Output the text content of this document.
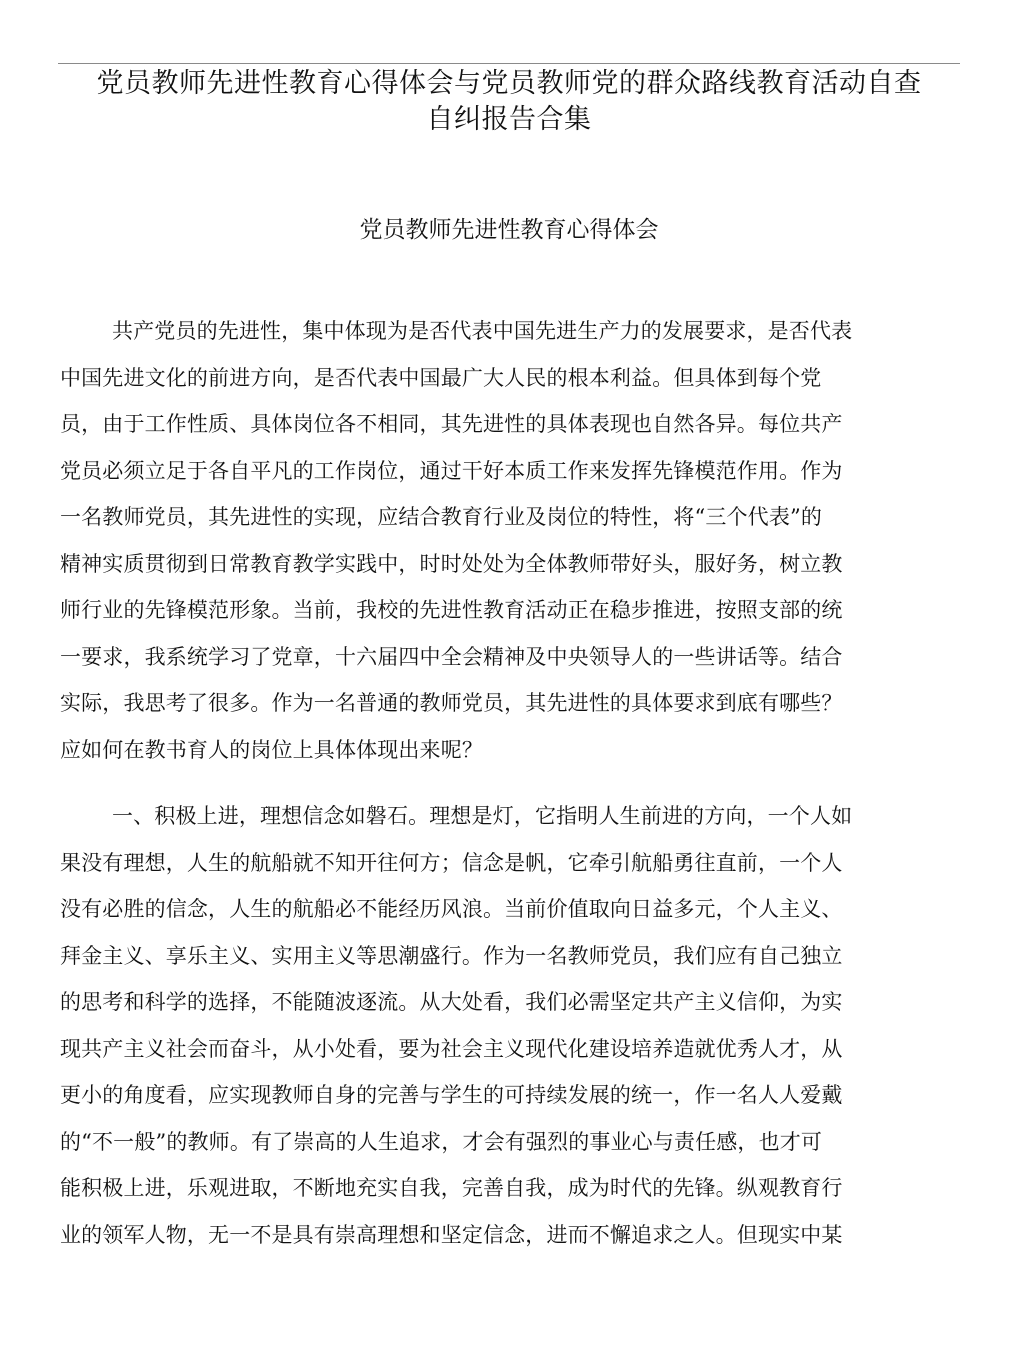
党员教师先进性教育心得体会与党员教师党的群众路线教育活动自查
自纠报告合集
党员教师先进性教育心得体会

共产党员的先进性，集中体现为是否代表中国先进生产力的发展要求，是否代表
中国先进文化的前进方向，是否代表中国最广大人民的根本利益。但具体到每个党
员，由于工作性质、具体岗位各不相同，其先进性的具体表现也自然各异。每位共产
党员必须立足于各自平凡的工作岗位，通过干好本质工作来发挥先锋模范作用。作为
一名教师党员，其先进性的实现，应结合教育行业及岗位的特性，将“三个代表”的
精神实质贯彻到日常教育教学实践中，时时处处为全体教师带好头，服好务，树立教
师行业的先锋模范形象。当前，我校的先进性教育活动正在稳步推进，按照支部的统
一要求，我系统学习了党章，十六届四中全会精神及中央领导人的一些讲话等。结合
实际，我思考了很多。作为一名普通的教师党员，其先进性的具体要求到底有哪些？
应如何在教书育人的岗位上具体体现出来呢？

一、积极上进，理想信念如磐石。理想是灯，它指明人生前进的方向，一个人如
果没有理想，人生的航船就不知开往何方；信念是帆，它牵引航船勇往直前，一个人
没有必胜的信念，人生的航船必不能经历风浪。当前价值取向日益多元，个人主义、
拜金主义、享乐主义、实用主义等思潮盛行。作为一名教师党员，我们应有自己独立
的思考和科学的选择，不能随波逐流。从大处看，我们必需坚定共产主义信仰，为实
现共产主义社会而奋斗，从小处看，要为社会主义现代化建设培养造就优秀人才，从
更小的角度看，应实现教师自身的完善与学生的可持续发展的统一，作一名人人爱戴
的“不一般”的教师。有了崇高的人生追求，才会有强烈的事业心与责任感，也才可
能积极上进，乐观进取，不断地充实自我，完善自我，成为时代的先锋。纵观教育行
业的领军人物，无一不是具有崇高理想和坚定信念，进而不懈追求之人。但现实中某
